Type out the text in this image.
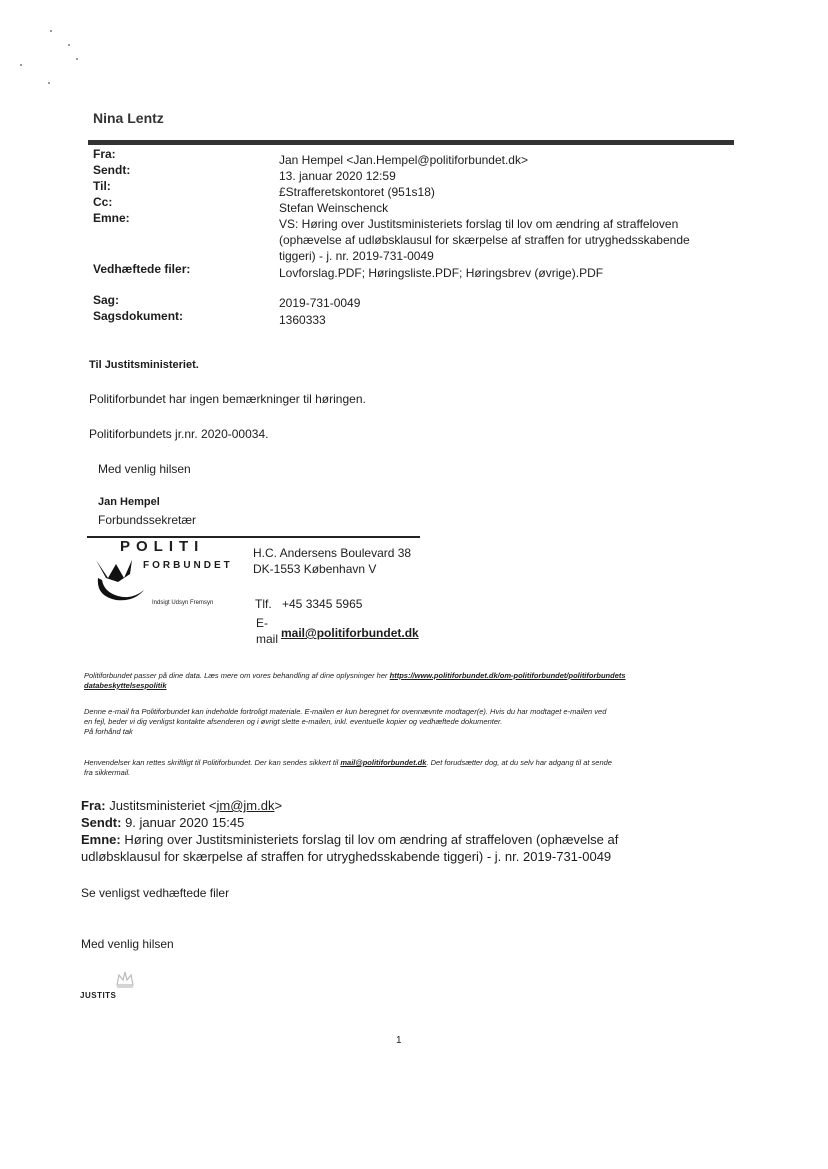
Nina Lentz
Fra:
Sendt:
Til:
Cc:
Emne:
Vedhæftede filer:
Sag:
Sagsdokument:
Jan Hempel <Jan.Hempel@politiforbundet.dk>
13. januar 2020 12:59
£Strafferetskontoret (951s18)
Stefan Weinschenck
VS: Høring over Justitsministeriets forslag til lov om ændring af straffeloven
(ophævelse af udløbsklausul for skærpelse af straffen for utryghedsskabende
tiggeri) - j. nr. 2019-731-0049
Lovforslag.PDF; Høringsliste.PDF; Høringsbrev (øvrige).PDF
2019-731-0049
1360333
Til Justitsministeriet.
Politiforbundet har ingen bemærkninger til høringen.
Politiforbundets jr.nr. 2020-00034.
Med venlig hilsen
Jan Hempel
Forbundssekretær
POLITI
FORBUNDET
Indsigt Udsyn Fremsyn
H.C. Andersens Boulevard 38
DK-1553 København V
Tlf. +45 3345 5965
E-
mail mail@politiforbundet.dk
Politiforbundet passer på dine data. Læs mere om vores behandling af dine oplysninger her https://www.politiforbundet.dk/om-politiforbundet/politiforbundets
databeskyttelsespolitik
Denne e-mail fra Politiforbundet kan indeholde fortroligt materiale. E-mailen er kun beregnet for ovennævnte modtager(e). Hvis du har modtaget e-mailen ved
en fejl, beder vi dig venligst kontakte afsenderen og i øvrigt slette e-mailen, inkl. eventuelle kopier og vedhæftede dokumenter.
På forhånd tak
Henvendelser kan rettes skriftligt til Politiforbundet. Der kan sendes sikkert til mail@politiforbundet.dk. Det forudsætter dog, at du selv har adgang til at sende
fra sikkermail.
Fra: Justitsministeriet <jm@jm.dk>
Sendt: 9. januar 2020 15:45
Emne: Høring over Justitsministeriets forslag til lov om ændring af straffeloven (ophævelse af
udløbsklausul for skærpelse af straffen for utryghedsskabende tiggeri) - j. nr. 2019-731-0049
Se venligst vedhæftede filer
Med venlig hilsen
JUSTITS
1
